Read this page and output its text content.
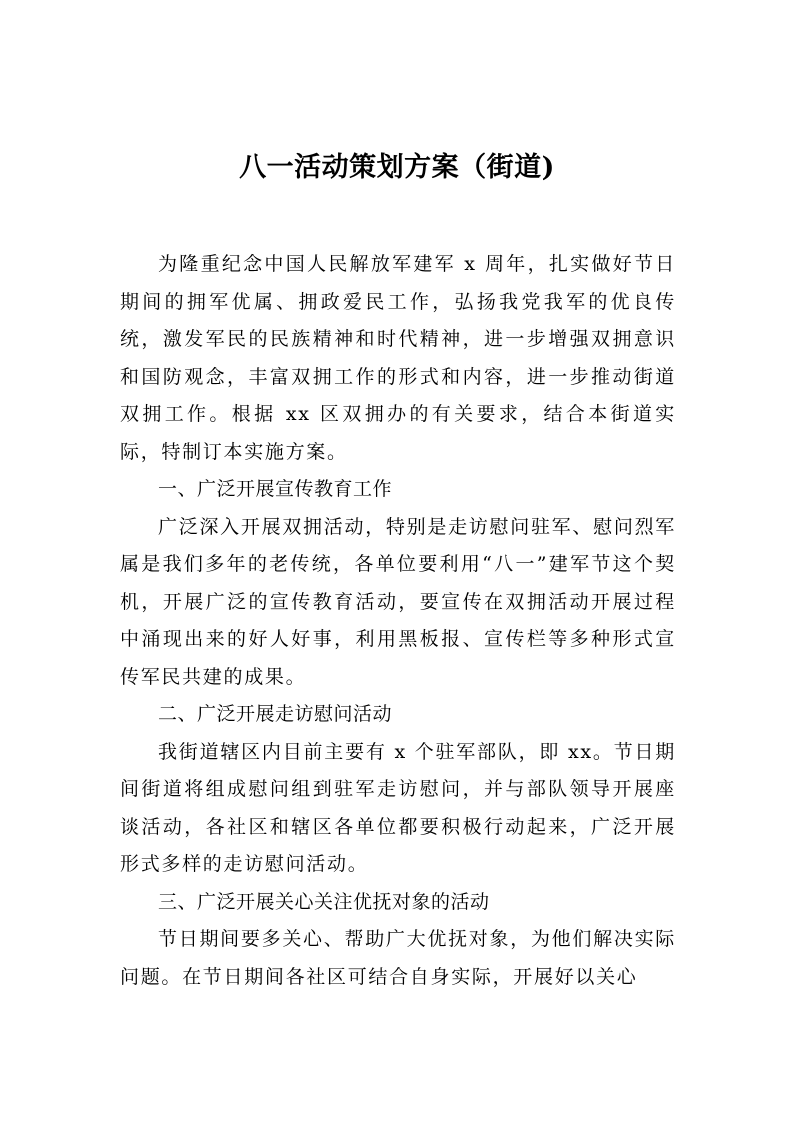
八一活动策划方案（街道)

为隆重纪念中国人民解放军建军 x 周年，扎实做好节日期间的拥军优属、拥政爱民工作，弘扬我党我军的优良传统，激发军民的民族精神和时代精神，进一步增强双拥意识和国防观念，丰富双拥工作的形式和内容，进一步推动街道双拥工作。根据 xx 区双拥办的有关要求，结合本街道实际，特制订本实施方案。

一、广泛开展宣传教育工作

广泛深入开展双拥活动，特别是走访慰问驻军、慰问烈军属是我们多年的老传统，各单位要利用“八一”建军节这个契机，开展广泛的宣传教育活动，要宣传在双拥活动开展过程中涌现出来的好人好事，利用黑板报、宣传栏等多种形式宣传军民共建的成果。

二、广泛开展走访慰问活动

我街道辖区内目前主要有 x 个驻军部队，即 xx。节日期间街道将组成慰问组到驻军走访慰问，并与部队领导开展座谈活动，各社区和辖区各单位都要积极行动起来，广泛开展形式多样的走访慰问活动。

三、广泛开展关心关注优抚对象的活动

节日期间要多关心、帮助广大优抚对象，为他们解决实际问题。在节日期间各社区可结合自身实际，开展好以关心
